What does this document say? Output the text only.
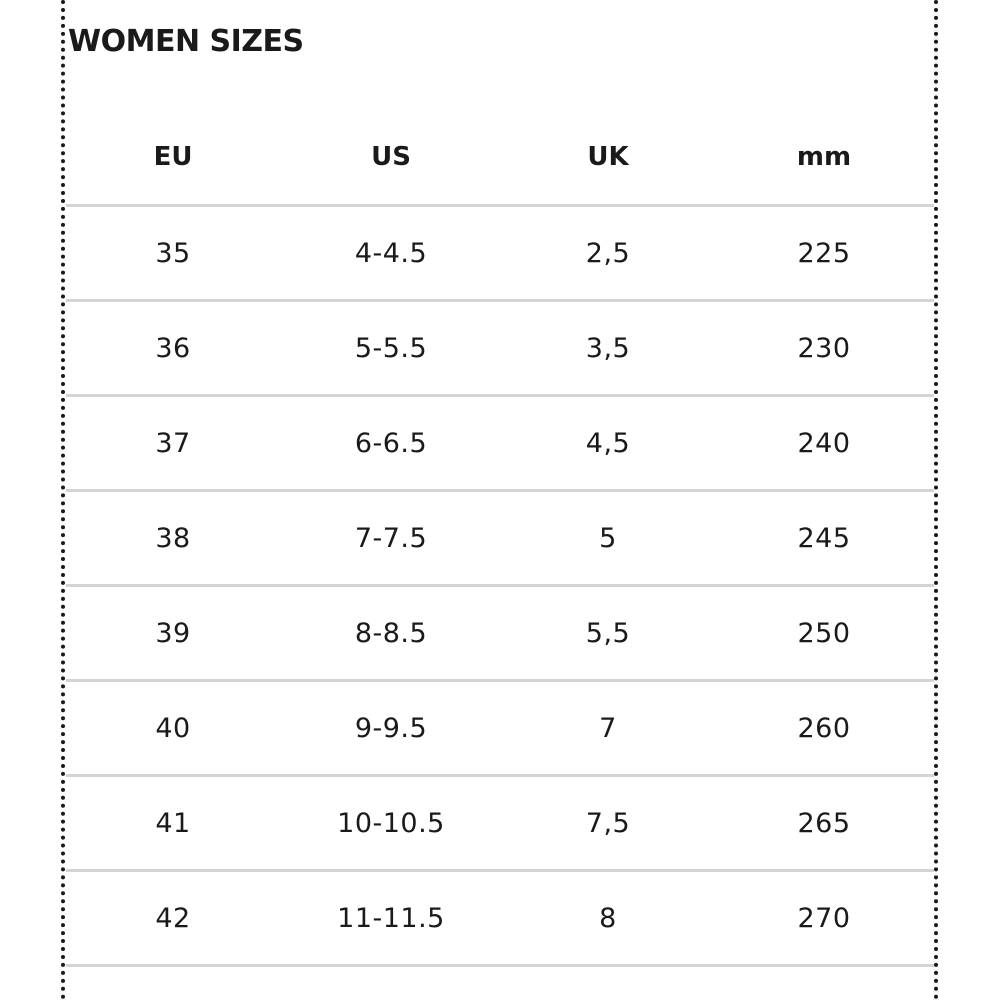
WOMEN SIZES
EU	US	UK	mm
35	4-4.5	2,5	225
36	5-5.5	3,5	230
37	6-6.5	4,5	240
38	7-7.5	5	245
39	8-8.5	5,5	250
40	9-9.5	7	260
41	10-10.5	7,5	265
42	11-11.5	8	270
